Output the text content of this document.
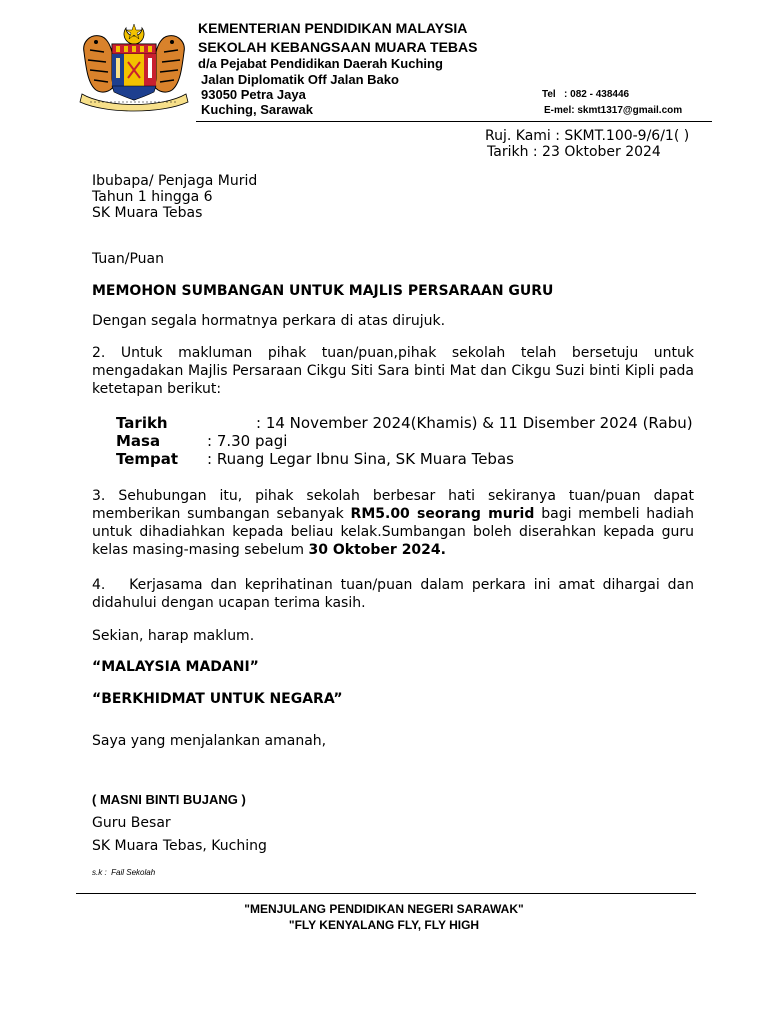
KEMENTERIAN PENDIDIKAN MALAYSIA
SEKOLAH KEBANGSAAN MUARA TEBAS
d/a Pejabat Pendidikan Daerah Kuching
Jalan Diplomatik Off Jalan Bako
93050 Petra Jaya
Kuching, Sarawak
Tel   : 082 - 438446
E-mel: skmt1317@gmail.com
Ruj. Kami : SKMT.100-9/6/1( )
Tarikh : 23 Oktober 2024
Ibubapa/ Penjaga Murid
Tahun 1 hingga 6
SK Muara Tebas
Tuan/Puan
MEMOHON SUMBANGAN UNTUK MAJLIS PERSARAAN GURU
Dengan segala hormatnya perkara di atas dirujuk.
2. Untuk makluman pihak tuan/puan,pihak sekolah telah bersetuju untuk mengadakan Majlis Persaraan Cikgu Siti Sara binti Mat dan Cikgu Suzi binti Kipli pada ketetapan berikut:
Tarikh	: 14 November 2024(Khamis) & 11 Disember 2024 (Rabu)
Masa	: 7.30 pagi
Tempat : Ruang Legar Ibnu Sina, SK Muara Tebas
3. Sehubungan itu, pihak sekolah berbesar hati sekiranya tuan/puan dapat memberikan sumbangan sebanyak RM5.00 seorang murid bagi membeli hadiah untuk dihadiahkan kepada beliau kelak.Sumbangan boleh diserahkan kepada guru kelas masing-masing sebelum 30 Oktober 2024.
4.   Kerjasama dan keprihatinan tuan/puan dalam perkara ini amat dihargai dan didahului dengan ucapan terima kasih.
Sekian, harap maklum.
“MALAYSIA MADANI”
“BERKHIDMAT UNTUK NEGARA”
Saya yang menjalankan amanah,
( MASNI BINTI BUJANG )
Guru Besar
SK Muara Tebas, Kuching
s.k :  Fail Sekolah
"MENJULANG PENDIDIKAN NEGERI SARAWAK"
"FLY KENYALANG FLY, FLY HIGH
